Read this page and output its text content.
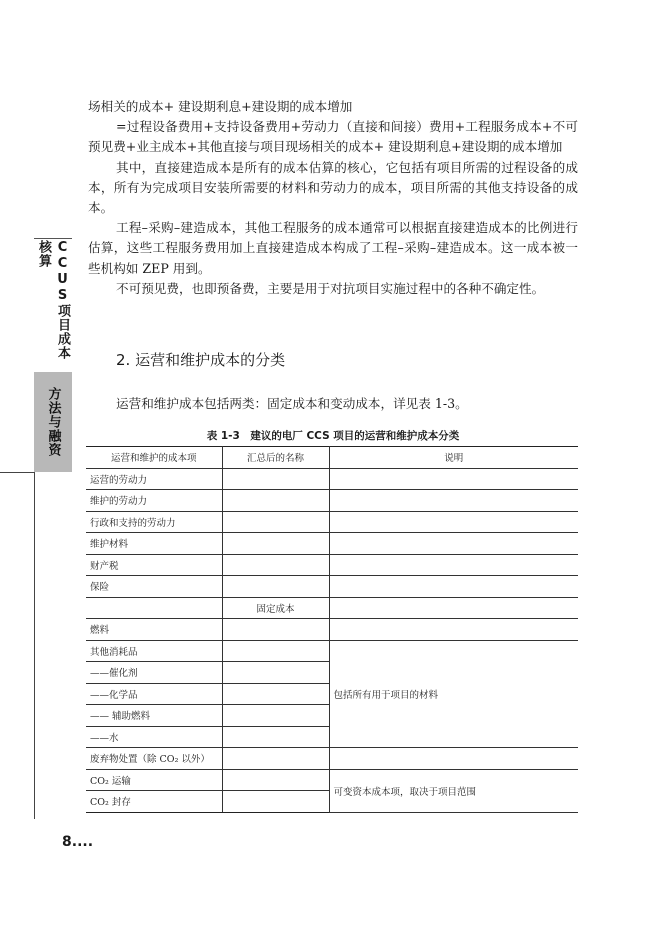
CCUS项目成本核算
方法与融资

场相关的成本+ 建设期利息+建设期的成本增加

=过程设备费用+支持设备费用+劳动力（直接和间接）费用+工程服务成本+不可预见费+业主成本+其他直接与项目现场相关的成本+ 建设期利息+建设期的成本增加

其中，直接建造成本是所有的成本估算的核心，它包括有项目所需的过程设备的成本，所有为完成项目安装所需要的材料和劳动力的成本，项目所需的其他支持设备的成本。

工程–采购–建造成本，其他工程服务的成本通常可以根据直接建造成本的比例进行估算，这些工程服务费用加上直接建造成本构成了工程–采购–建造成本。这一成本被一些机构如 ZEP 用到。

不可预见费，也即预备费，主要是用于对抗项目实施过程中的各种不确定性。

2. 运营和维护成本的分类
运营和维护成本包括两类：固定成本和变动成本，详见表 1-3。
表 1-3　建议的电厂 CCS 项目的运营和维护成本分类
运营和维护的成本项	汇总后的名称	说明
运营的劳动力		
维护的劳动力		
行政和支持的劳动力		
维护材料		
财产税		
保险		
	固定成本	
燃料		
其他消耗品		包括所有用于项目的材料
——催化剂		
——化学品		
—— 辅助燃料		
——水		
废弃物处置（除 CO₂ 以外）		
CO₂ 运输		可变资本成本项，取决于项目范围
CO₂ 封存		
8....
